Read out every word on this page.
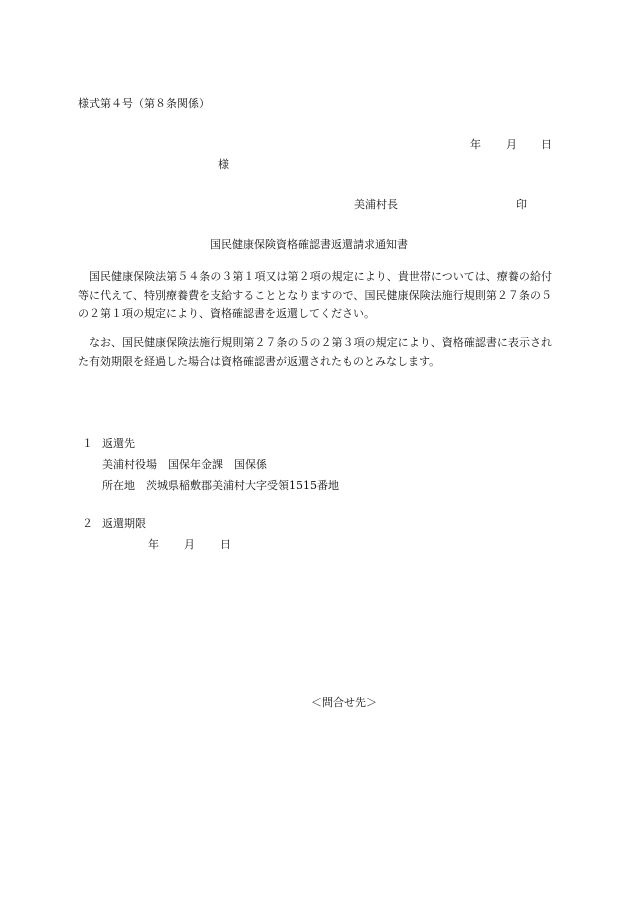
様式第４号（第８条関係）
年 月 日
様
美浦村長	印
国民健康保険資格確認書返還請求通知書

国民健康保険法第５４条の３第１項又は第２項の規定により、貴世帯については、療養の給付等に代えて、特別療養費を支給することとなりますので、国民健康保険法施行規則第２７条の５の２第１項の規定により、資格確認書を返還してください。

なお、国民健康保険法施行規則第２７条の５の２第３項の規定により、資格確認書に表示された有効期限を経過した場合は資格確認書が返還されたものとみなします。

１ 返還先
美浦村役場　国保年金課　国保係
所在地　茨城県稲敷郡美浦村大字受領1515番地
２ 返還期限
年 月 日
＜問合せ先＞
